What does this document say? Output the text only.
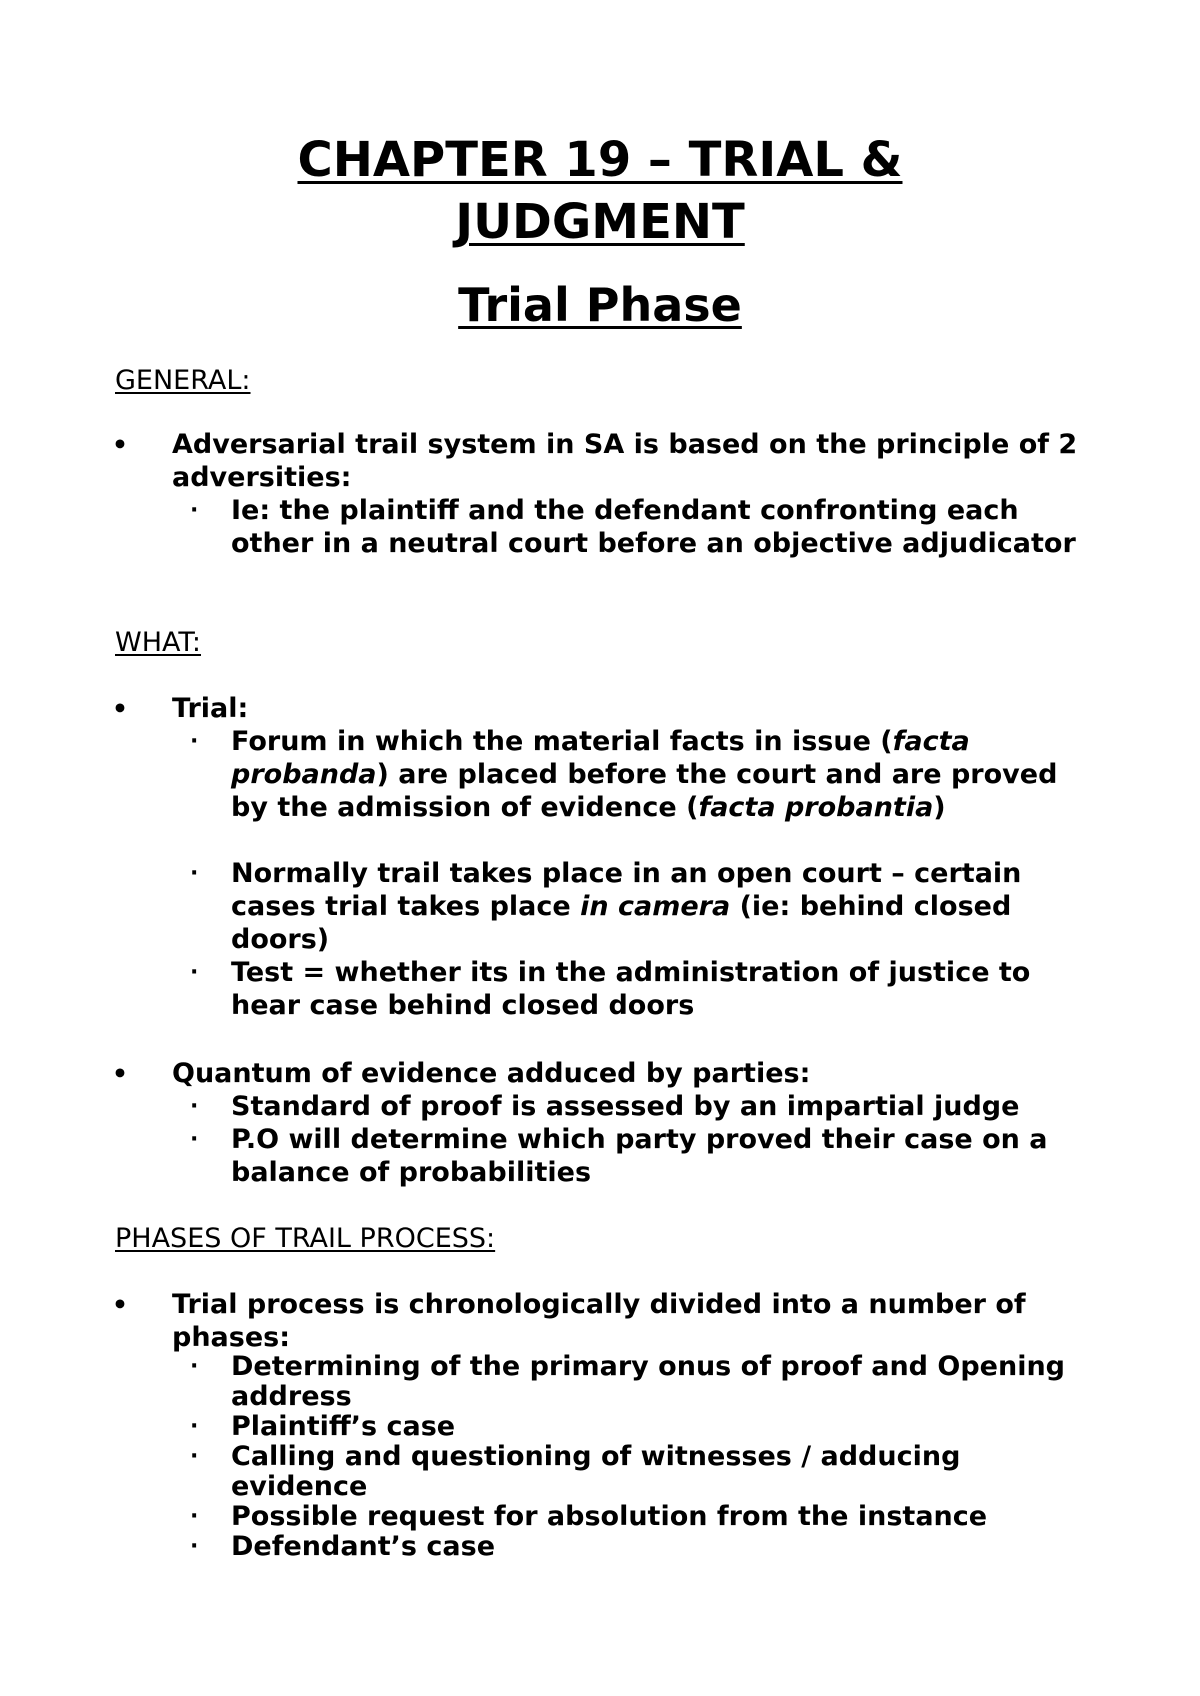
CHAPTER 19 – TRIAL &
JUDGMENT
Trial Phase

GENERAL:

•	Adversarial trail system in SA is based on the principle of 2 adversities:

·	Ie: the plaintiff and the defendant confronting each other in a neutral court before an objective adjudicator

WHAT:

•	Trial:

·	Forum in which the material facts in issue (facta probanda) are placed before the court and are proved by the admission of evidence (facta probantia)

·	Normally trail takes place in an open court – certain cases trial takes place in camera (ie: behind closed doors)

·	Test = whether its in the administration of justice to hear case behind closed doors

•	Quantum of evidence adduced by parties:

·	Standard of proof is assessed by an impartial judge

·	P.O will determine which party proved their case on a balance of probabilities

PHASES OF TRAIL PROCESS:

•	Trial process is chronologically divided into a number of phases:

·	Determining of the primary onus of proof and Opening address

·	Plaintiff’s case

·	Calling and questioning of witnesses / adducing evidence

·	Possible request for absolution from the instance

·	Defendant’s case
